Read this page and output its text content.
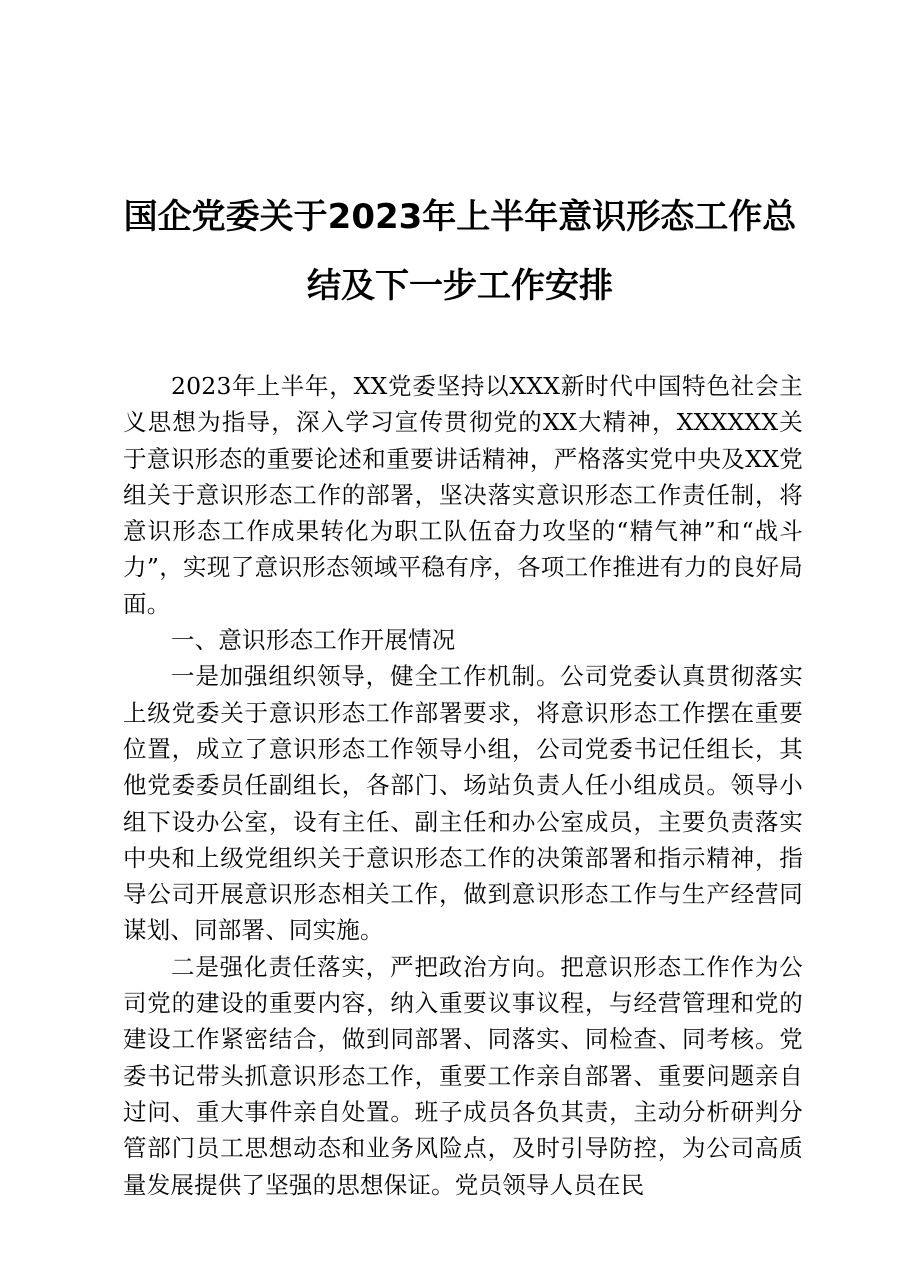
国企党委关于2023年上半年意识形态工作总
结及下一步工作安排

2023年上半年，XX党委坚持以XXX新时代中国特色社会主义思想为指导，深入学习宣传贯彻党的XX大精神，XXXXXX关于意识形态的重要论述和重要讲话精神，严格落实党中央及XX党组关于意识形态工作的部署，坚决落实意识形态工作责任制，将意识形态工作成果转化为职工队伍奋力攻坚的“精气神”和“战斗力”，实现了意识形态领域平稳有序，各项工作推进有力的良好局面。

一、意识形态工作开展情况

一是加强组织领导，健全工作机制。公司党委认真贯彻落实上级党委关于意识形态工作部署要求，将意识形态工作摆在重要位置，成立了意识形态工作领导小组，公司党委书记任组长，其他党委委员任副组长，各部门、场站负责人任小组成员。领导小组下设办公室，设有主任、副主任和办公室成员，主要负责落实中央和上级党组织关于意识形态工作的决策部署和指示精神，指导公司开展意识形态相关工作，做到意识形态工作与生产经营同谋划、同部署、同实施。

二是强化责任落实，严把政治方向。把意识形态工作作为公司党的建设的重要内容，纳入重要议事议程，与经营管理和党的建设工作紧密结合，做到同部署、同落实、同检查、同考核。党委书记带头抓意识形态工作，重要工作亲自部署、重要问题亲自过问、重大事件亲自处置。班子成员各负其责，主动分析研判分管部门员工思想动态和业务风险点，及时引导防控，为公司高质量发展提供了坚强的思想保证。党员领导人员在民
